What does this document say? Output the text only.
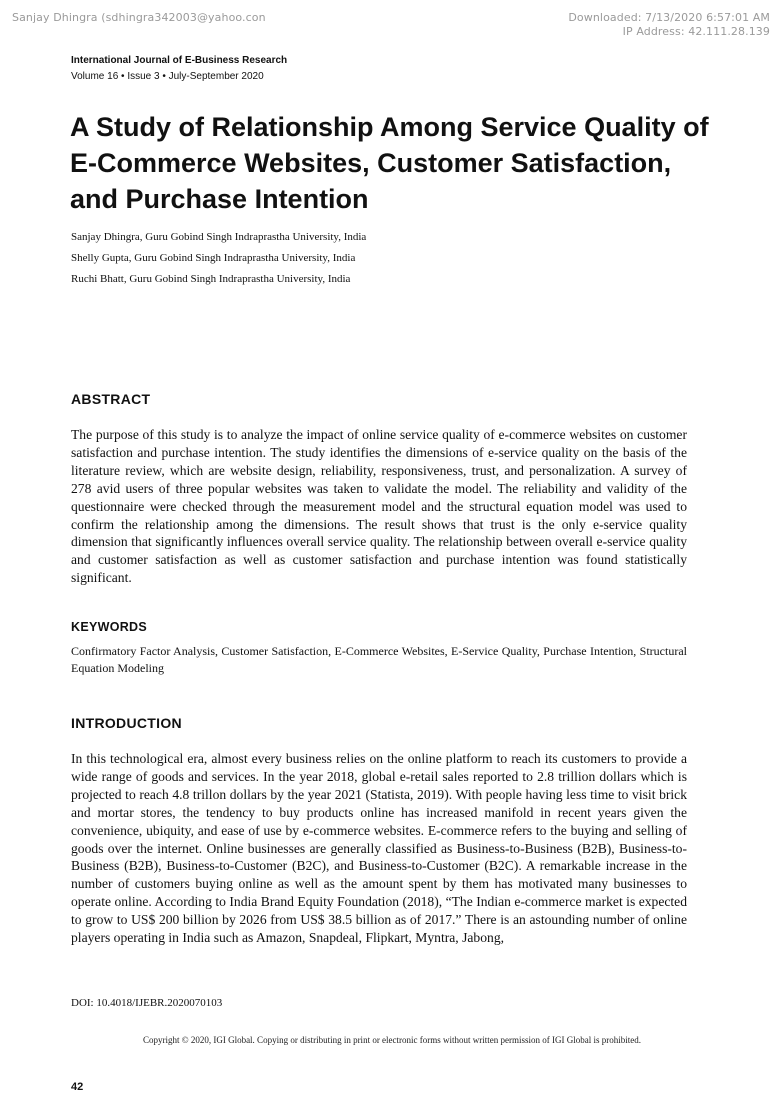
Sanjay Dhingra (sdhingra342003@yahoo.con	Downloaded: 7/13/2020 6:57:01 AM
IP Address: 42.111.28.139
International Journal of E-Business Research
Volume 16 • Issue 3 • July-September 2020
A Study of Relationship Among Service Quality of E-Commerce Websites, Customer Satisfaction, and Purchase Intention
Sanjay Dhingra, Guru Gobind Singh Indraprastha University, India
Shelly Gupta, Guru Gobind Singh Indraprastha University, India
Ruchi Bhatt, Guru Gobind Singh Indraprastha University, India
ABSTRACT

The purpose of this study is to analyze the impact of online service quality of e-commerce websites on customer satisfaction and purchase intention. The study identifies the dimensions of e-service quality on the basis of the literature review, which are website design, reliability, responsiveness, trust, and personalization. A survey of 278 avid users of three popular websites was taken to validate the model. The reliability and validity of the questionnaire were checked through the measurement model and the structural equation model was used to confirm the relationship among the dimensions. The result shows that trust is the only e-service quality dimension that significantly influences overall service quality. The relationship between overall e-service quality and customer satisfaction as well as customer satisfaction and purchase intention was found statistically significant.

KEYWORDS

Confirmatory Factor Analysis, Customer Satisfaction, E-Commerce Websites, E-Service Quality, Purchase Intention, Structural Equation Modeling

INTRODUCTION

In this technological era, almost every business relies on the online platform to reach its customers to provide a wide range of goods and services. In the year 2018, global e-retail sales reported to 2.8 trillion dollars which is projected to reach 4.8 trillon dollars by the year 2021 (Statista, 2019). With people having less time to visit brick and mortar stores, the tendency to buy products online has increased manifold in recent years given the convenience, ubiquity, and ease of use by e-commerce websites. E-commerce refers to the buying and selling of goods over the internet. Online businesses are generally classified as Business-to-Business (B2B), Business-to-Business (B2B), Business-to-Customer (B2C), and Business-to-Customer (B2C). A remarkable increase in the number of customers buying online as well as the amount spent by them has motivated many businesses to operate online. According to India Brand Equity Foundation (2018), “The Indian e-commerce market is expected to grow to US$ 200 billion by 2026 from US$ 38.5 billion as of 2017.” There is an astounding number of online players operating in India such as Amazon, Snapdeal, Flipkart, Myntra, Jabong,

DOI: 10.4018/IJEBR.2020070103
Copyright © 2020, IGI Global. Copying or distributing in print or electronic forms without written permission of IGI Global is prohibited.
42
